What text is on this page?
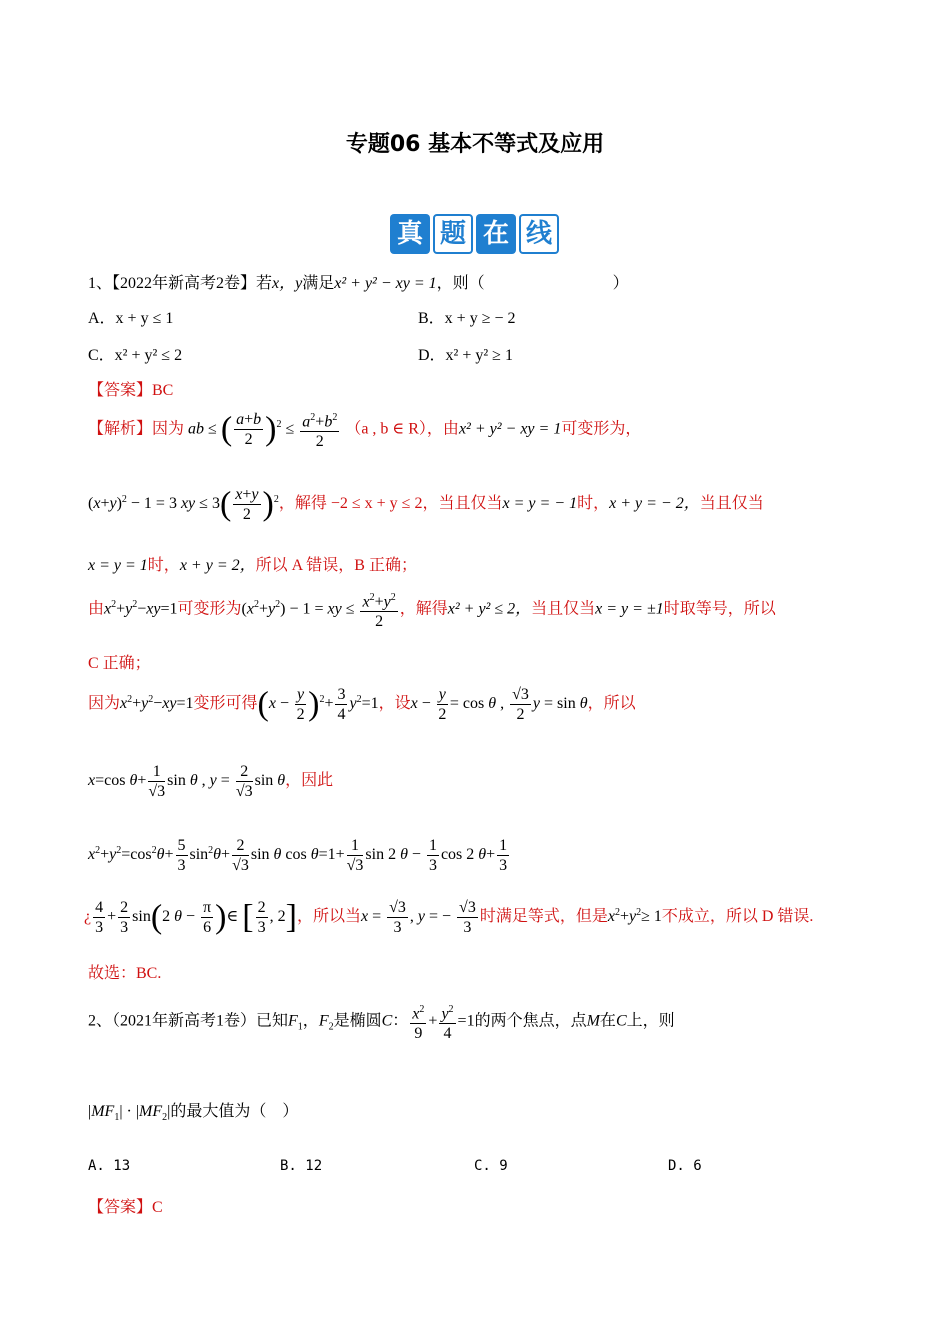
专题06 基本不等式及应用
真 题 在 线
1、【2022年新高考2卷】若x，y满足x² + y² − xy = 1，则（　　　　　　　　）
A．x + y ≤ 1	B．x + y ≥ − 2
C．x² + y² ≤ 2	D．x² + y² ≥ 1
【答案】BC
【解析】因为 ab ≤ ( $\frac{a+b}{2} )^2 \le \frac{a^2+b^2}{2} (a$ , b ∈ R），由x² + y² − xy = 1可变形为，
$(x+y)^2 - 1 = 3$ xy ≤ $3( \frac{x+y}{2} )^2$，解得 −2 ≤ x + y ≤ 2，当且仅当x = y = − 1时，x + y = − 2，当且仅当
x = y = 1时，x + y = 2，所以 A 错误，B 正确；
由$x^2+y^2-xy=1$可变形为$(x^2+y^2) - 1$ = xy ≤ $\frac{x^2+y^2}{2}$ ，解得x² + y² ≤ 2，当且仅当x = y = ±1时取等号，所以
C 正确；
因为$x^2+y^2-xy=1$变形可得$(x - \frac{y}{2} )^2+ \frac{3}{4} y^2=1$，设$x - \frac{y}{2} = \cos \theta$ , $\frac{√3}{2}$ y = sin θ，所以
x=cos $\theta+ \frac{1}{√3}$ sin θ , $y = \frac{2}{√3}$ sin θ，因此
$x^2+y^2=\cos^2\theta+ \frac{5}{3} \sin^2\theta+ \frac{2}{√3}$ sin θ $\cos \theta=1+ \frac{1}{√3}$ sin 2 $\theta - \frac{1}{3}$ cos 2 $\theta+ \frac{1}{3}$
¿ $\frac{4}{3} + \frac{2}{3} \sin(2$ $\theta - \frac{\pi}{6}$ )∈ [ $\frac{2}{3}$ , 2]，所以当$x = \frac{√3}{3}$ , y = − $\frac{√3}{3}$ 时满足等式，但是$x^2+y^2\ge 1$不成立，所以 D 错误.
故选：BC.
2、（2021年新高考1卷）已知$F_1$，$F_2$是椭圆C： $\frac{x^2}{9} + \frac{y^2}{4} =1$的两个焦点，点M在C上，则
$|MF_1| \cdot |MF_2|$的最大值为（　）
A. 13	B. 12	C. 9	D. 6
【答案】C
